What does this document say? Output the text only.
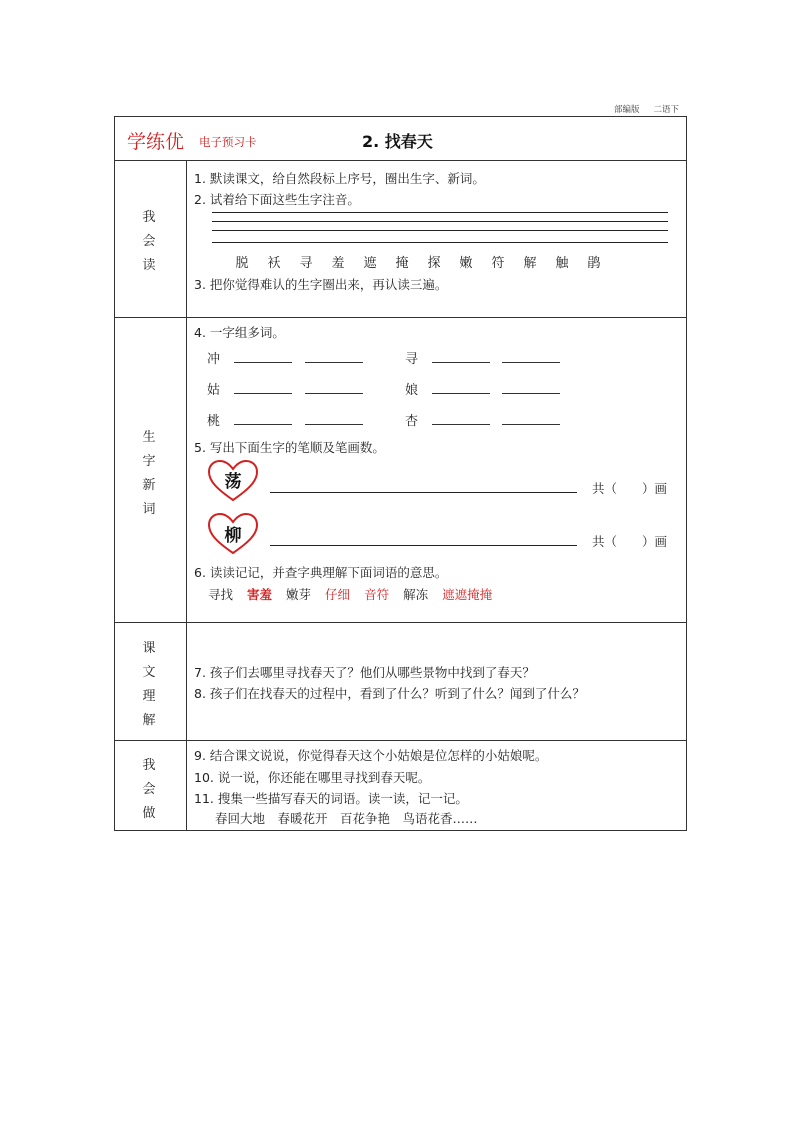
部编版 二语下
学练优 电子预习卡	2. 找春天
我
会
读
1. 默读课文，给自然段标上序号，圈出生字、新词。
2. 试着给下面这些生字注音。
脱 袄 寻 羞 遮 掩 探 嫩 符 解 触 鹃
3. 把你觉得难认的生字圈出来，再认读三遍。
生
字
新
词
4. 一字组多词。
冲	寻
姑	娘
桃	杏
5. 写出下面生字的笔顺及笔画数。
荡	共（　　）画
柳	共（　　）画
6. 读读记记，并查字典理解下面词语的意思。
寻找 害羞 嫩芽 仔细 音符 解冻 遮遮掩掩
课
文
理
解
7. 孩子们去哪里寻找春天了？他们从哪些景物中找到了春天？
8. 孩子们在找春天的过程中，看到了什么？听到了什么？闻到了什么？
我
会
做
9. 结合课文说说，你觉得春天这个小姑娘是位怎样的小姑娘呢。
10. 说一说，你还能在哪里寻找到春天呢。
11. 搜集一些描写春天的词语。读一读，记一记。
春回大地　春暖花开　百花争艳　鸟语花香……
